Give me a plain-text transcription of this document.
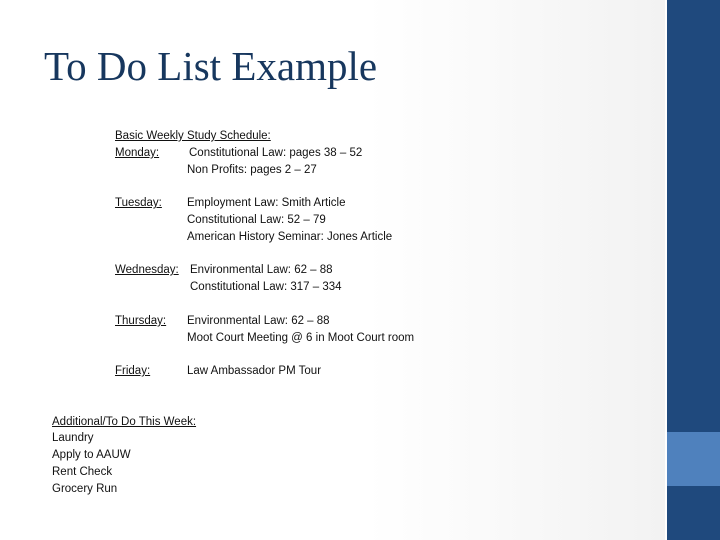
To Do List Example
Basic Weekly Study Schedule:
Monday:	Constitutional Law: pages 38 – 52
Non Profits: pages 2 – 27
Tuesday: Employment Law: Smith Article
Constitutional Law: 52 – 79
American History Seminar: Jones Article
Wednesday: Environmental Law: 62 – 88
Constitutional Law: 317 – 334
Thursday: Environmental Law: 62 – 88
Moot Court Meeting @ 6 in Moot Court room
Friday:	Law Ambassador PM Tour
Additional/To Do This Week:
Laundry
Apply to AAUW
Rent Check
Grocery Run
